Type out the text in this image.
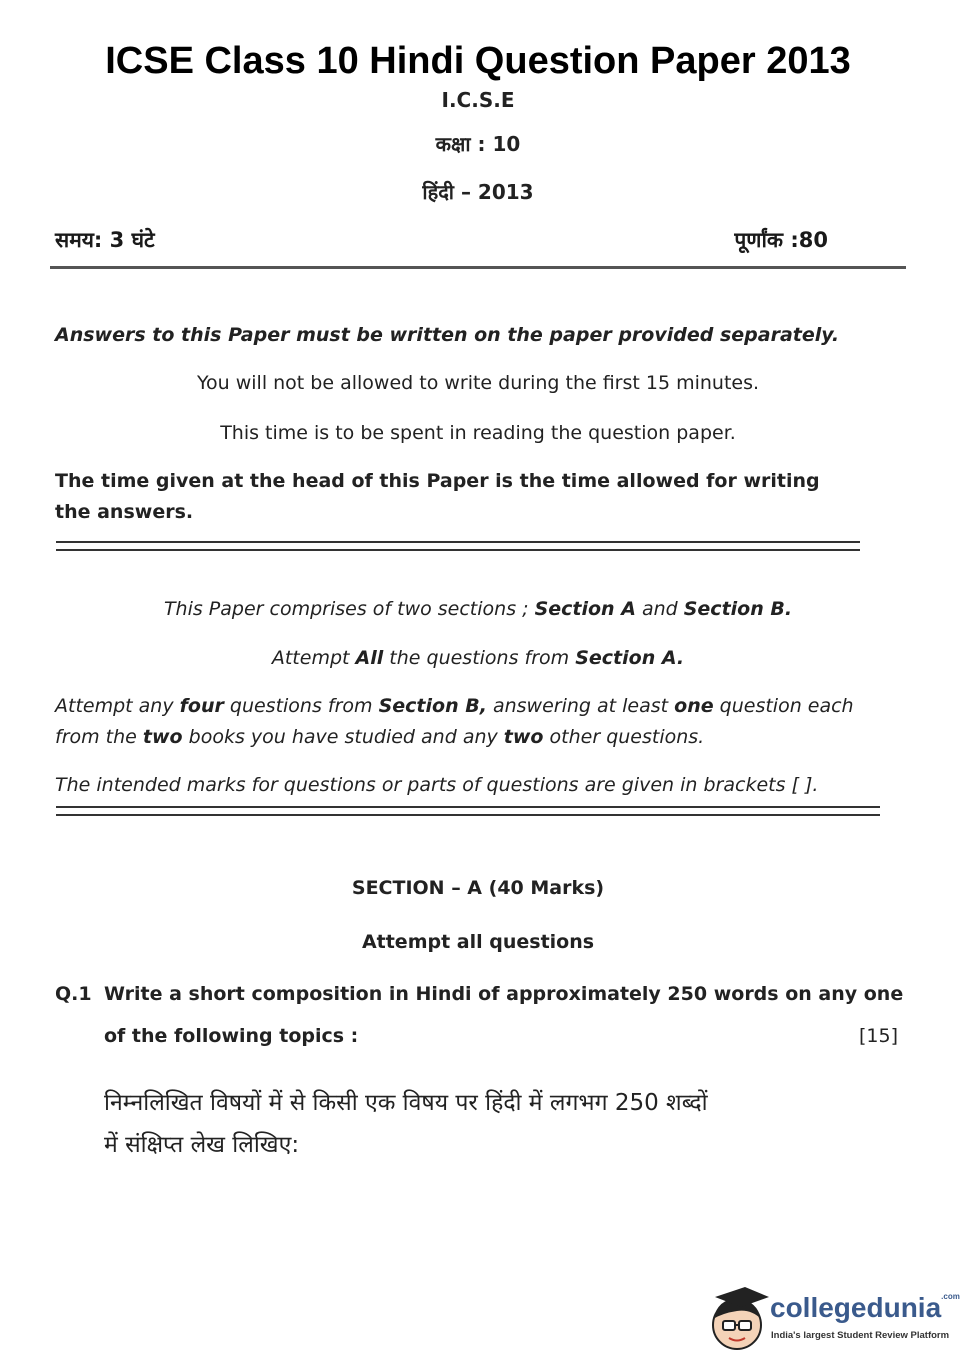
ICSE Class 10 Hindi Question Paper 2013
I.C.S.E
कक्षा : 10
हिंदी – 2013
समय: 3 घंटे	पूर्णांक :80
Answers to this Paper must be written on the paper provided separately.
You will not be allowed to write during the first 15 minutes.
This time is to be spent in reading the question paper.
The time given at the head of this Paper is the time allowed for writing the answers.
This Paper comprises of two sections ; Section A and Section B.
Attempt All the questions from Section A.
Attempt any four questions from Section B, answering at least one question each from the two books you have studied and any two other questions.
The intended marks for questions or parts of questions are given in brackets [ ].
SECTION – A (40 Marks)
Attempt all questions
Q.1 Write a short composition in Hindi of approximately 250 words on any one
of the following topics :	[15]
निम्नलिखित विषयों में से किसी एक विषय पर हिंदी में लगभग 250 शब्दों
में संक्षिप्त लेख लिखिए:
collegedunia$^{.com}$
India's largest Student Review Platform
